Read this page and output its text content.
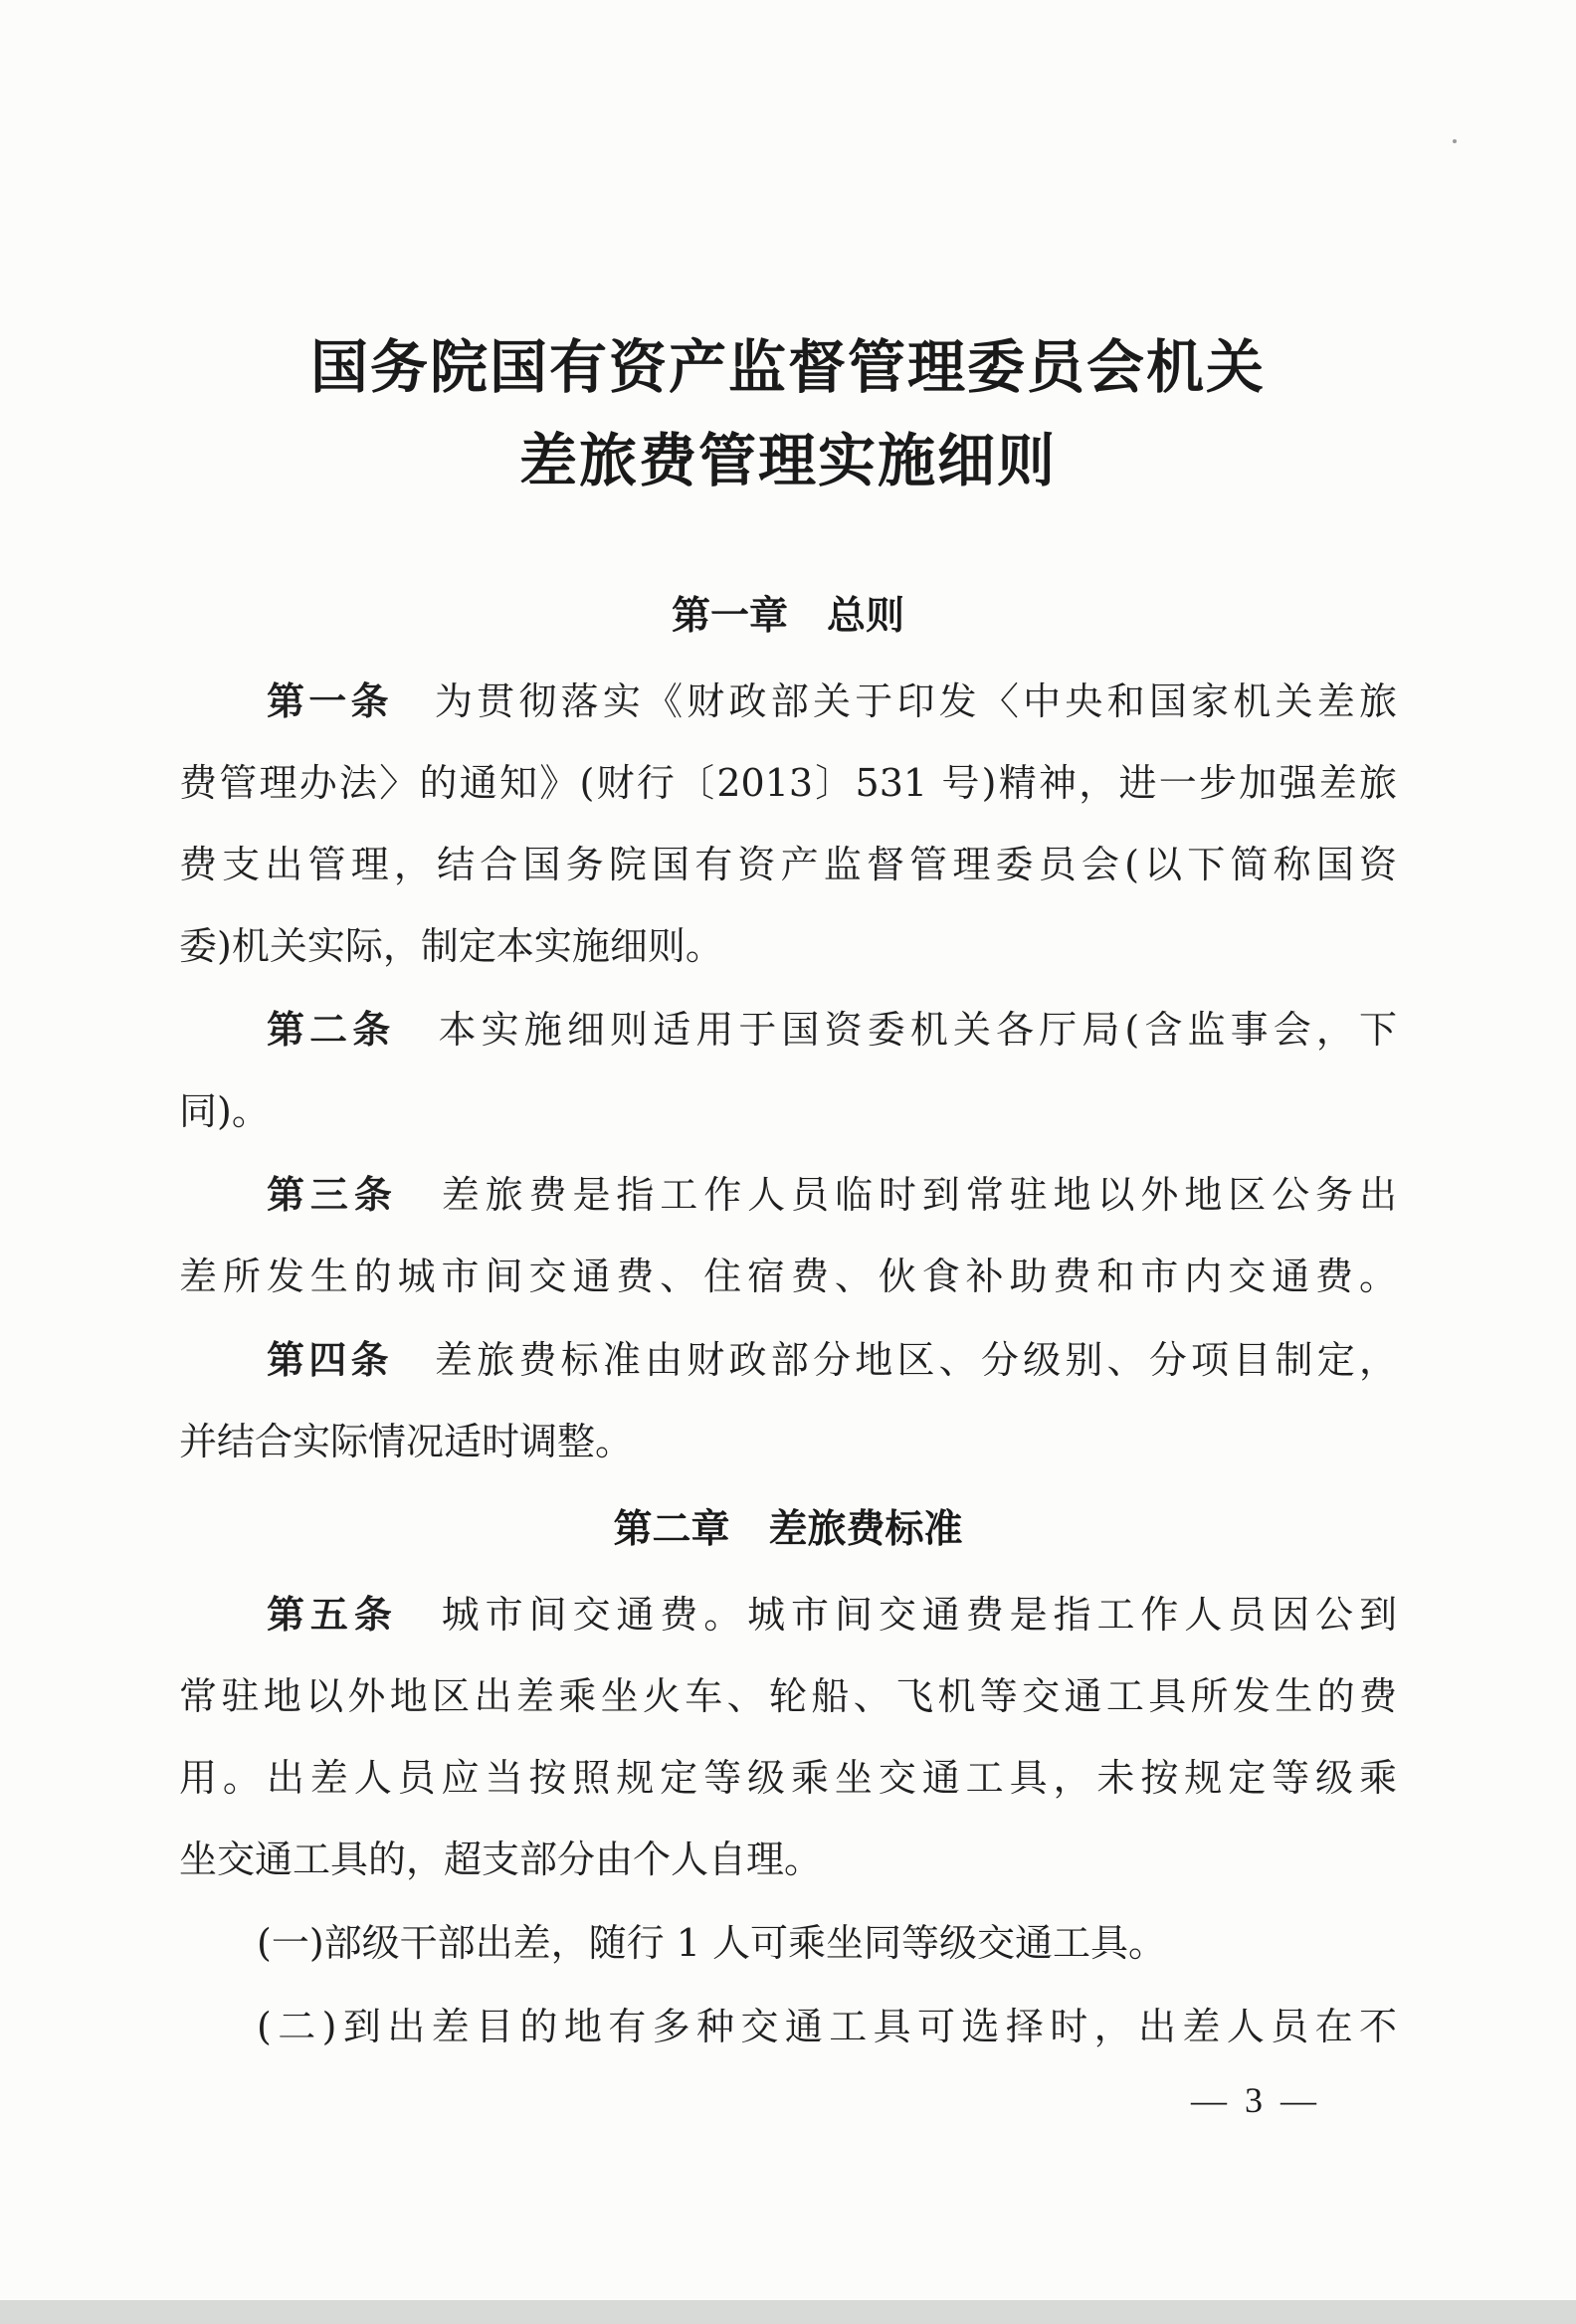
国务院国有资产监督管理委员会机关
差旅费管理实施细则
第一章　总则
第一条　 为贯彻落实《财政部关于印发〈中央和国家机关差旅
费管理办法〉的通知》(财行〔2013〕531 号)精神，进一步加强差旅
费支出管理，结合国务院国有资产监督管理委员会(以下简称国资
委)机关实际，制定本实施细则。
第二条　 本实施细则适用于国资委机关各厅局(含监事会，下
同)。
第三条　 差旅费是指工作人员临时到常驻地以外地区公务出
差所发生的城市间交通费、住宿费、伙食补助费和市内交通费。
第四条　 差旅费标准由财政部分地区、分级别、分项目制定，
并结合实际情况适时调整。
第二章　差旅费标准
第五条　 城市间交通费。城市间交通费是指工作人员因公到
常驻地以外地区出差乘坐火车、轮船、飞机等交通工具所发生的费
用。出差人员应当按照规定等级乘坐交通工具，未按规定等级乘
坐交通工具的，超支部分由个人自理。
(一)部级干部出差，随行 1 人可乘坐同等级交通工具。
(二)到出差目的地有多种交通工具可选择时，出差人员在不
—  3  —
